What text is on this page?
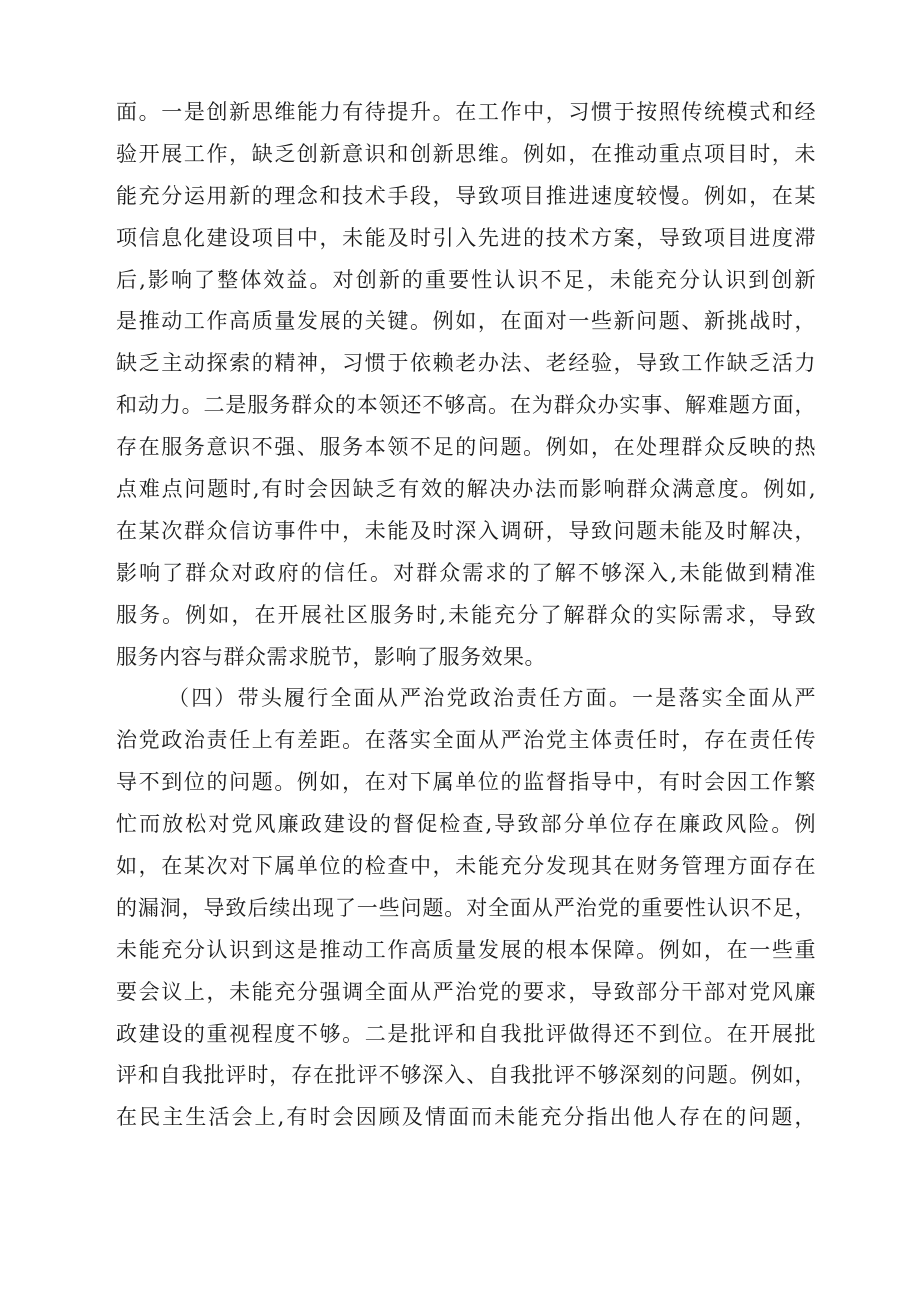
面。一是创新思维能力有待提升。在工作中，习惯于按照传统模式和经
验开展工作，缺乏创新意识和创新思维。例如，在推动重点项目时，未
能充分运用新的理念和技术手段，导致项目推进速度较慢。例如，在某
项信息化建设项目中，未能及时引入先进的技术方案，导致项目进度滞
后,影响了整体效益。对创新的重要性认识不足，未能充分认识到创新
是推动工作高质量发展的关键。例如，在面对一些新问题、新挑战时，
缺乏主动探索的精神，习惯于依赖老办法、老经验，导致工作缺乏活力
和动力。二是服务群众的本领还不够高。在为群众办实事、解难题方面，
存在服务意识不强、服务本领不足的问题。例如，在处理群众反映的热
点难点问题时,有时会因缺乏有效的解决办法而影响群众满意度。例如,
在某次群众信访事件中，未能及时深入调研，导致问题未能及时解决，
影响了群众对政府的信任。对群众需求的了解不够深入,未能做到精准
服务。例如，在开展社区服务时,未能充分了解群众的实际需求，导致
服务内容与群众需求脱节，影响了服务效果。
（四）带头履行全面从严治党政治责任方面。一是落实全面从严
治党政治责任上有差距。在落实全面从严治党主体责任时，存在责任传
导不到位的问题。例如，在对下属单位的监督指导中，有时会因工作繁
忙而放松对党风廉政建设的督促检查,导致部分单位存在廉政风险。例
如，在某次对下属单位的检查中，未能充分发现其在财务管理方面存在
的漏洞，导致后续出现了一些问题。对全面从严治党的重要性认识不足，
未能充分认识到这是推动工作高质量发展的根本保障。例如，在一些重
要会议上，未能充分强调全面从严治党的要求，导致部分干部对党风廉
政建设的重视程度不够。二是批评和自我批评做得还不到位。在开展批
评和自我批评时，存在批评不够深入、自我批评不够深刻的问题。例如，
在民主生活会上,有时会因顾及情面而未能充分指出他人存在的问题，
